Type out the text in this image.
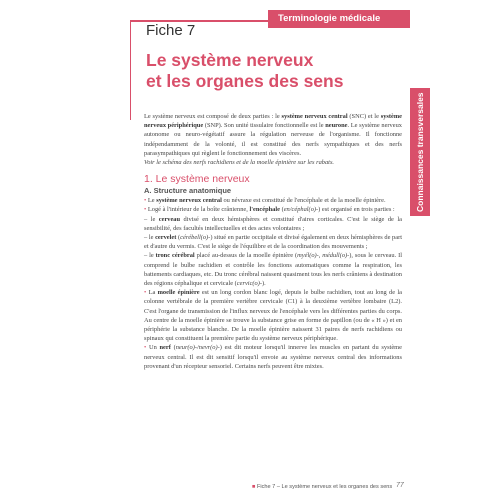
Terminologie médicale
Fiche 7
Le système nerveux
et les organes des sens
Connaissances transversales

Le système nerveux est composé de deux parties : le système nerveux central (SNC) et le système nerveux périphérique (SNP). Son unité tissulaire fonctionnelle est le neurone. Le système nerveux autonome ou neuro-végétatif assure la régulation nerveuse de l'organisme. Il fonctionne indépendamment de la volonté, il est constitué des nerfs sympathiques et des nerfs parasympathiques qui règlent le fonctionnement des viscères.

Voir le schéma des nerfs rachidiens et de la moelle épinière sur les rabats.

1. Le système nerveux
A. Structure anatomique

• Le système nerveux central ou névraxe est constitué de l'encéphale et de la moelle épinière.

• Logé à l'intérieur de la boîte crânienne, l'encéphale (en/céphal(o)-) est organisé en trois parties :

– le cerveau divisé en deux hémisphères et constitué d'aires corticales. C'est le siège de la sensibilité, des facultés intellectuelles et des actes volontaires ;

– le cervelet (cérébell(o)-) situé en partie occipitale et divisé également en deux hémisphères de part et d'autre du vermis. C'est le siège de l'équilibre et de la coordination des mouvements ;

– le tronc cérébral placé au-dessus de la moelle épinière (myél(o)-, médull(o)-), sous le cerveau. Il comprend le bulbe rachidien et contrôle les fonctions automatiques comme la respiration, les battements cardiaques, etc. Du tronc cérébral naissent quasiment tous les nerfs crâniens à destination des régions céphalique et cervicale (cervic(o)-).

• La moelle épinière est un long cordon blanc logé, depuis le bulbe rachidien, tout au long de la colonne vertébrale de la première vertèbre cervicale (C1) à la deuxième vertèbre lombaire (L2). C'est l'organe de transmission de l'influx nerveux de l'encéphale vers les différentes parties du corps. Au centre de la moelle épinière se trouve la substance grise en forme de papillon (ou de « H ») et en périphérie la substance blanche. De la moelle épinière naissent 31 paires de nerfs rachidiens ou spinaux qui constituent la première partie du système nerveux périphérique.

• Un nerf (neur(o)-/nevr(o)-) est dit moteur lorsqu'il innerve les muscles en partant du système nerveux central. Il est dit sensitif lorsqu'il envoie au système nerveux central des informations provenant d'un récepteur sensoriel. Certains nerfs peuvent être mixtes.

■ Fiche 7 – Le système nerveux et les organes des sens 77
